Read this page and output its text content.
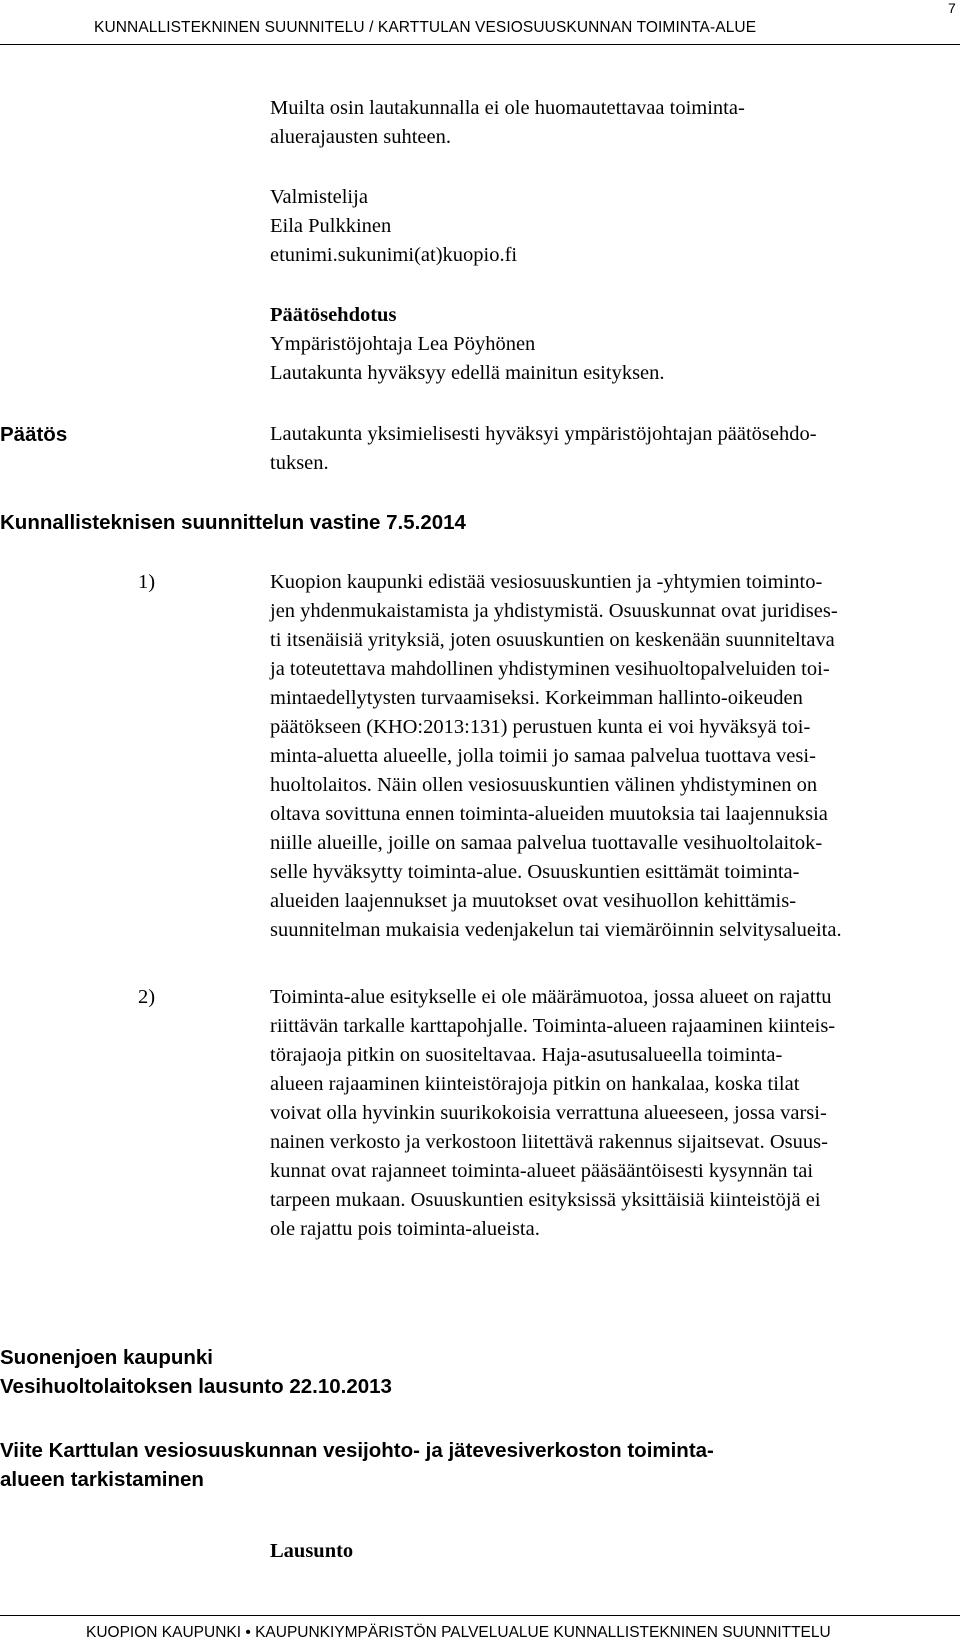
7
KUNNALLISTEKNINEN SUUNNITELU / KARTTULAN VESIOSUUSKUNNAN TOIMINTA-ALUE
Muilta osin lautakunnalla ei ole huomautettavaa toiminta-
aluerajausten suhteen.
Valmistelija
Eila Pulkkinen
etunimi.sukunimi(at)kuopio.fi
Päätösehdotus
Ympäristöjohtaja Lea Pöyhönen
Lautakunta hyväksyy edellä mainitun esityksen.
Päätös	Lautakunta yksimielisesti hyväksyi ympäristöjohtajan päätösehdo-
tuksen.
Kunnallisteknisen suunnittelun vastine 7.5.2014
1)	Kuopion kaupunki edistää vesiosuuskuntien ja -yhtymien toiminto-
jen yhdenmukaistamista ja yhdistymistä. Osuuskunnat ovat juridises-
ti itsenäisiä yrityksiä, joten osuuskuntien on keskenään suunniteltava
ja toteutettava mahdollinen yhdistyminen vesihuoltopalveluiden toi-
mintaedellytysten turvaamiseksi. Korkeimman hallinto-oikeuden
päätökseen (KHO:2013:131) perustuen kunta ei voi hyväksyä toi-
minta-aluetta alueelle, jolla toimii jo samaa palvelua tuottava vesi-
huoltolaitos. Näin ollen vesiosuuskuntien välinen yhdistyminen on
oltava sovittuna ennen toiminta-alueiden muutoksia tai laajennuksia
niille alueille, joille on samaa palvelua tuottavalle vesihuoltolaitok-
selle hyväksytty toiminta-alue. Osuuskuntien esittämät toiminta-
alueiden laajennukset ja muutokset ovat vesihuollon kehittämis-
suunnitelman mukaisia vedenjakelun tai viemäröinnin selvitysalueita.
2)	Toiminta-alue esitykselle ei ole määrämuotoa, jossa alueet on rajattu
riittävän tarkalle karttapohjalle. Toiminta-alueen rajaaminen kiinteis-
törajaoja pitkin on suositeltavaa. Haja-asutusalueella toiminta-
alueen rajaaminen kiinteistörajoja pitkin on hankalaa, koska tilat
voivat olla hyvinkin suurikokoisia verrattuna alueeseen, jossa varsi-
nainen verkosto ja verkostoon liitettävä rakennus sijaitsevat. Osuus-
kunnat ovat rajanneet toiminta-alueet pääsääntöisesti kysynnän tai
tarpeen mukaan. Osuuskuntien esityksissä yksittäisiä kiinteistöjä ei
ole rajattu pois toiminta-alueista.
Suonenjoen kaupunki
Vesihuoltolaitoksen lausunto 22.10.2013
Viite Karttulan vesiosuuskunnan vesijohto- ja jätevesiverkoston toiminta-
alueen tarkistaminen
Lausunto
KUOPION KAUPUNKI • KAUPUNKIYMPÄRISTÖN PALVELUALUE KUNNALLISTEKNINEN SUUNNITTELU
